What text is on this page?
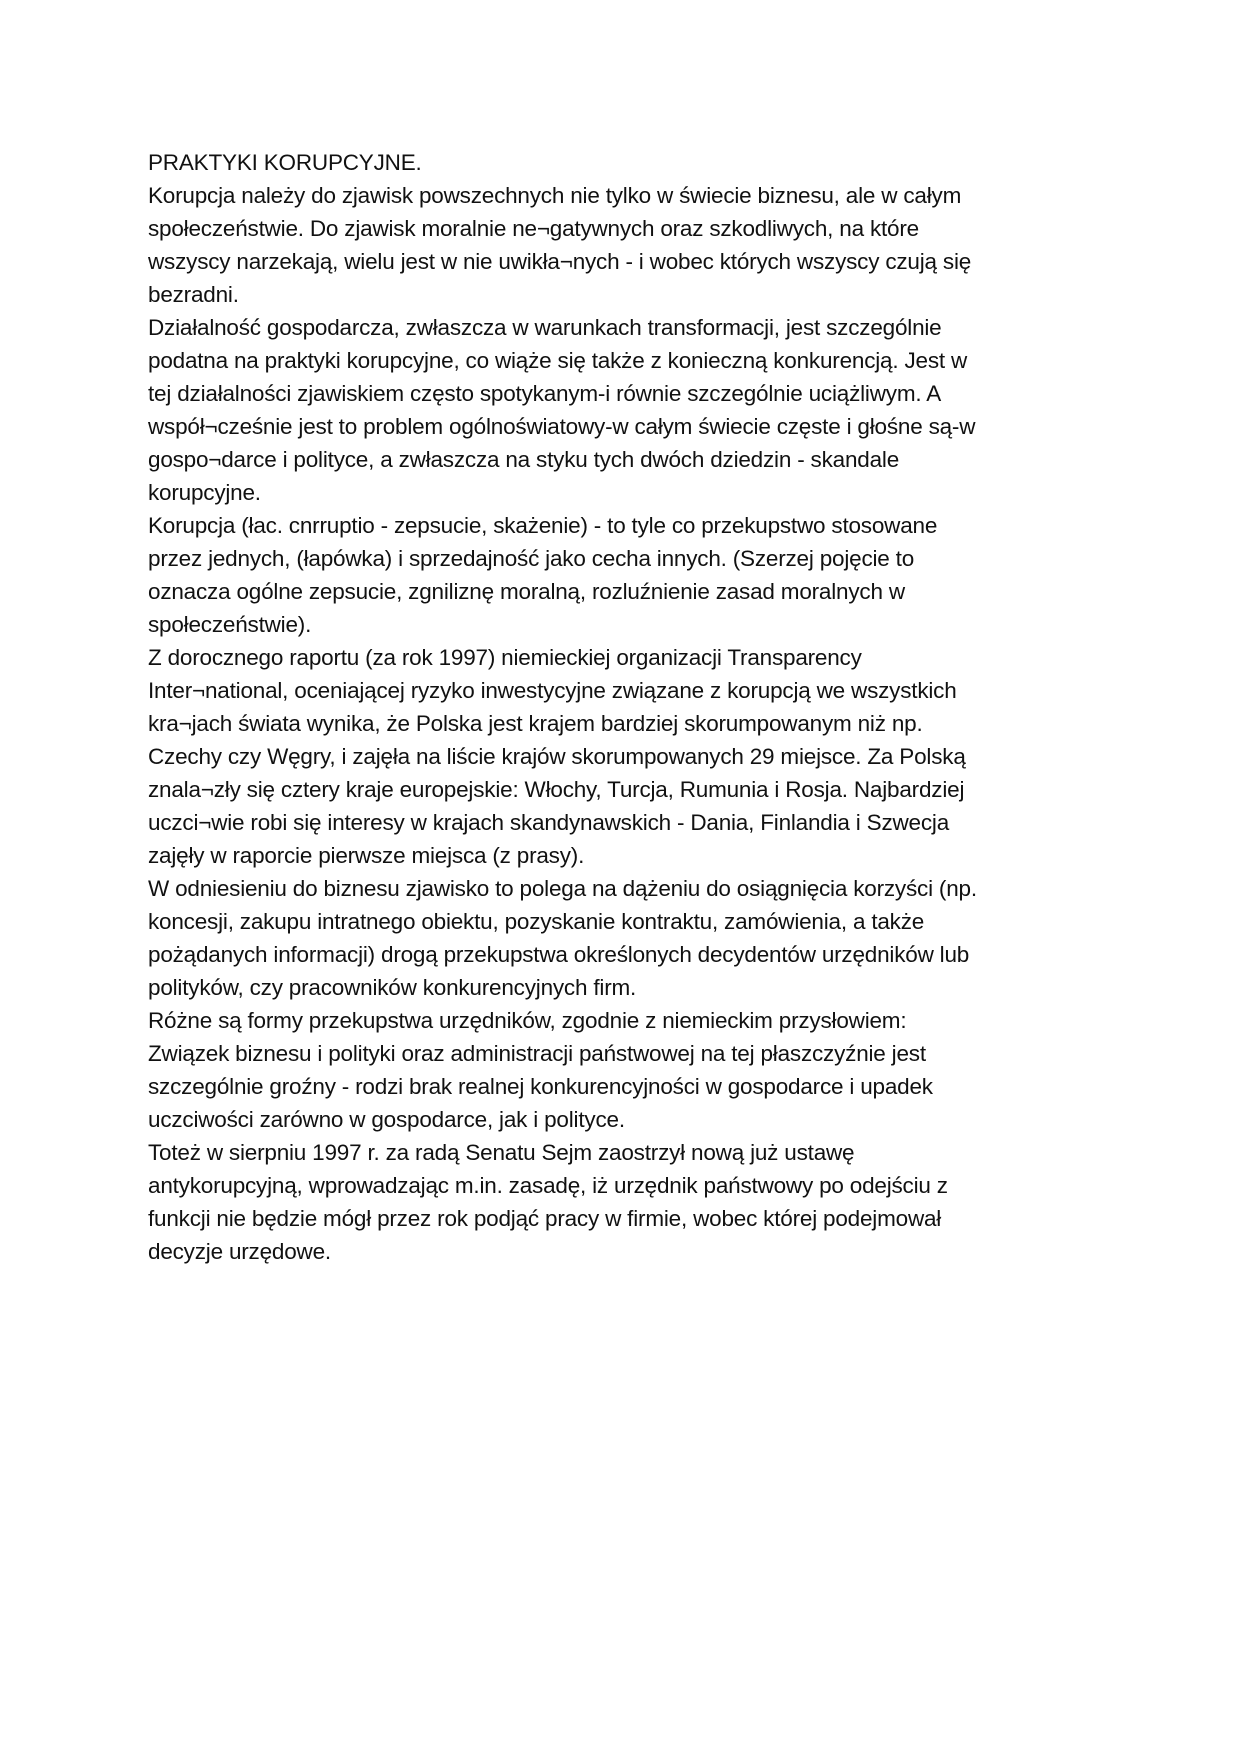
PRAKTYKI KORUPCYJNE.
Korupcja należy do zjawisk powszechnych nie tylko w świecie biznesu, ale w całym
społeczeństwie. Do zjawisk moralnie ne¬gatywnych oraz szkodliwych, na które
wszyscy narzekają, wielu jest w nie uwikła¬nych - i wobec których wszyscy czują się
bezradni.
Działalność gospodarcza, zwłaszcza w warunkach transformacji, jest szczególnie
podatna na praktyki korupcyjne, co wiąże się także z konieczną konkurencją. Jest w
tej działalności zjawiskiem często spotykanym-i równie szczególnie uciążliwym. A
współ¬cześnie jest to problem ogólnoświatowy-w całym świecie częste i głośne są-w
gospo¬darce i polityce, a zwłaszcza na styku tych dwóch dziedzin - skandale
korupcyjne.
Korupcja (łac. cnrruptio - zepsucie, skażenie) - to tyle co przekupstwo stosowane
przez jednych, (łapówka) i sprzedajność jako cecha innych. (Szerzej pojęcie to
oznacza ogólne zepsucie, zgniliznę moralną, rozluźnienie zasad moralnych w
społeczeństwie).
Z dorocznego raportu (za rok 1997) niemieckiej organizacji Transparency
Inter¬national, oceniającej ryzyko inwestycyjne związane z korupcją we wszystkich
kra¬jach świata wynika, że Polska jest krajem bardziej skorumpowanym niż np.
Czechy czy Węgry, i zajęła na liście krajów skorumpowanych 29 miejsce. Za Polską
znala¬zły się cztery kraje europejskie: Włochy, Turcja, Rumunia i Rosja. Najbardziej
uczci¬wie robi się interesy w krajach skandynawskich - Dania, Finlandia i Szwecja
zajęły w raporcie pierwsze miejsca (z prasy).
W odniesieniu do biznesu zjawisko to polega na dążeniu do osiągnięcia korzyści (np.
koncesji, zakupu intratnego obiektu, pozyskanie kontraktu, zamówienia, a także
pożądanych informacji) drogą przekupstwa określonych decydentów urzędników lub
polityków, czy pracowników konkurencyjnych firm.
Różne są formy przekupstwa urzędników, zgodnie z niemieckim przysłowiem:
Związek biznesu i polityki oraz administracji państwowej na tej płaszczyźnie jest
szczególnie groźny - rodzi brak realnej konkurencyjności w gospodarce i upadek
uczciwości zarówno w gospodarce, jak i polityce.
Toteż w sierpniu 1997 r. za radą Senatu Sejm zaostrzył nową już ustawę
antykorupcyjną, wprowadzając m.in. zasadę, iż urzędnik państwowy po odejściu z
funkcji nie będzie mógł przez rok podjąć pracy w firmie, wobec której podejmował
decyzje urzędowe.
